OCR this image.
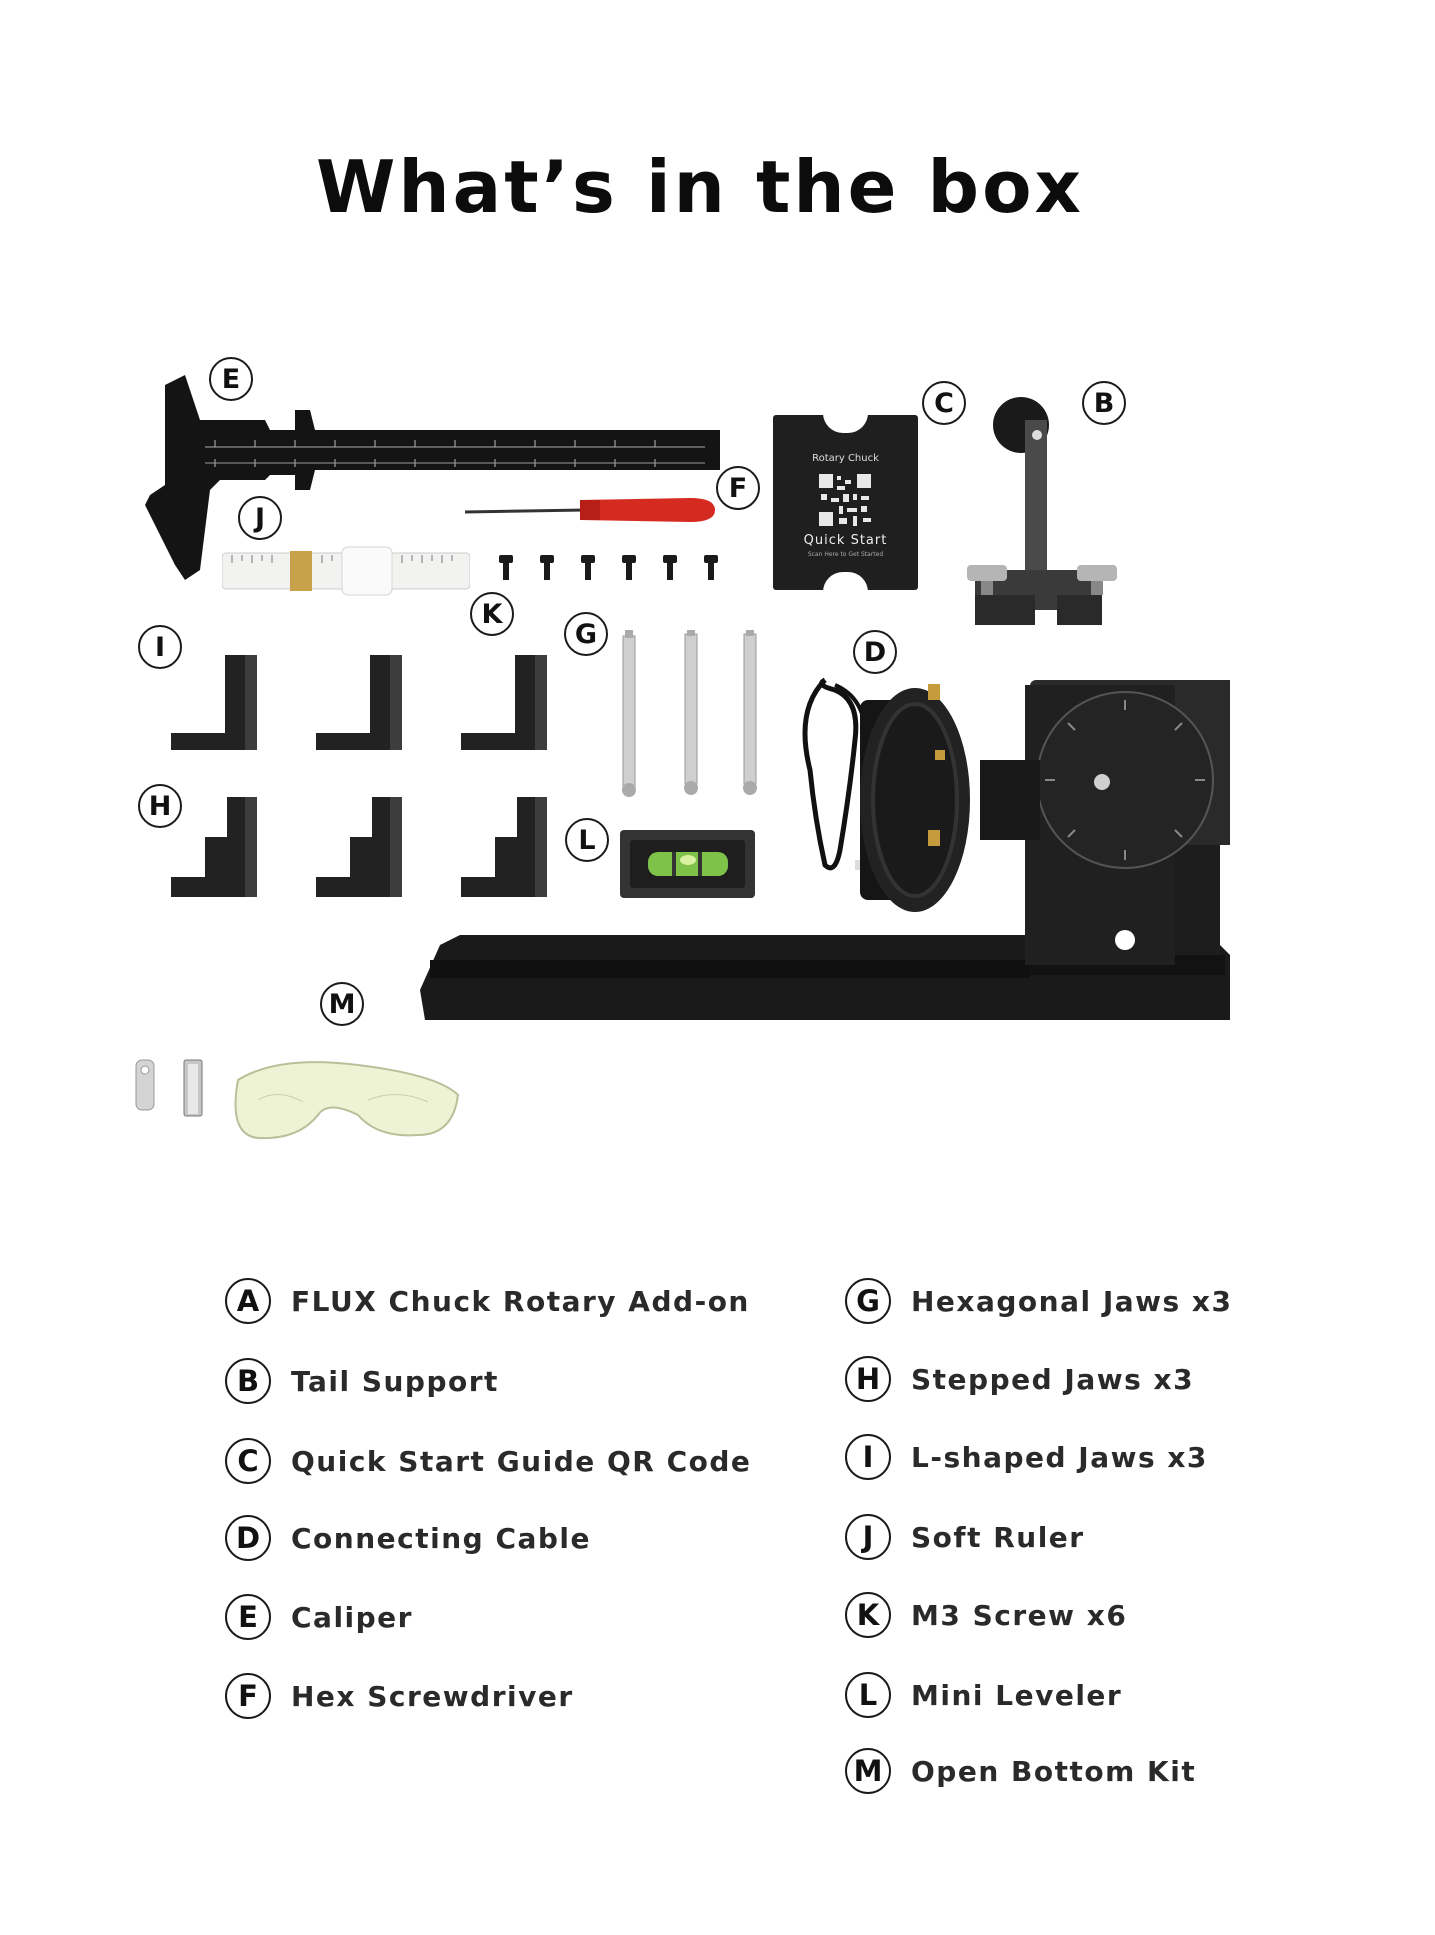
What’s in the box
E
J
F
K
Rotary Chuck
Quick Start
Scan Here to Get Started
C	B
I
H
G
L
D
M
A	FLUX Chuck Rotary Add-on
B	Tail Support
C	Quick Start Guide QR Code
D	Connecting Cable
E	Caliper
F	Hex Screwdriver
G	Hexagonal Jaws x3
H	Stepped Jaws x3
I	L-shaped Jaws x3
J	Soft Ruler
K	M3 Screw x6
L	Mini Leveler
M	Open Bottom Kit
